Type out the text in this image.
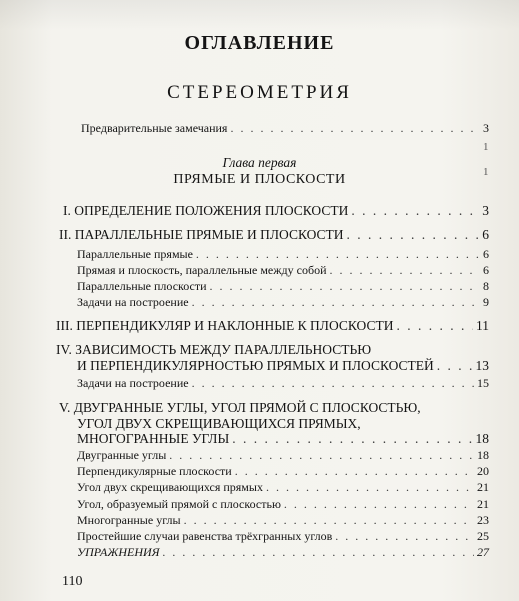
ОГЛАВЛЕНИЕ
СТЕРЕОМЕТРИЯ
Предварительные замечания . . .	3
1
1
Глава первая
ПРЯМЫЕ И ПЛОСКОСТИ
I. ОПРЕДЕЛЕНИЕ ПОЛОЖЕНИЯ ПЛОСКОСТИ . . .	3
II. ПАРАЛЛЕЛЬНЫЕ ПРЯМЫЕ И ПЛОСКОСТИ . . .	6
Параллельные прямые . . .	6
Прямая и плоскость, параллельные между собой . . .	6
Параллельные плоскости . . .	8
Задачи на построение . . .	9
III. ПЕРПЕНДИКУЛЯР И НАКЛОННЫЕ К ПЛОСКОСТИ . . .	11
IV. ЗАВИСИМОСТЬ МЕЖДУ ПАРАЛЛЕЛЬНОСТЬЮ
И ПЕРПЕНДИКУЛЯРНОСТЬЮ ПРЯМЫХ И ПЛОСКОСТЕЙ . . .	13
Задачи на построение . . .	15
V. ДВУГРАННЫЕ УГЛЫ, УГОЛ ПРЯМОЙ С ПЛОСКОСТЬЮ,
УГОЛ ДВУХ СКРЕЩИВАЮЩИХСЯ ПРЯМЫХ,
МНОГОГРАННЫЕ УГЛЫ . . .	18
Двугранные углы . . .	18
Перпендикулярные плоскости . . .	20
Угол двух скрещивающихся прямых . . .	21
Угол, образуемый прямой с плоскостью . . .	21
Многогранные углы . . .	23
Простейшие случаи равенства трёхгранных углов . . .	25
УПРАЖНЕНИЯ . . .	27
110
